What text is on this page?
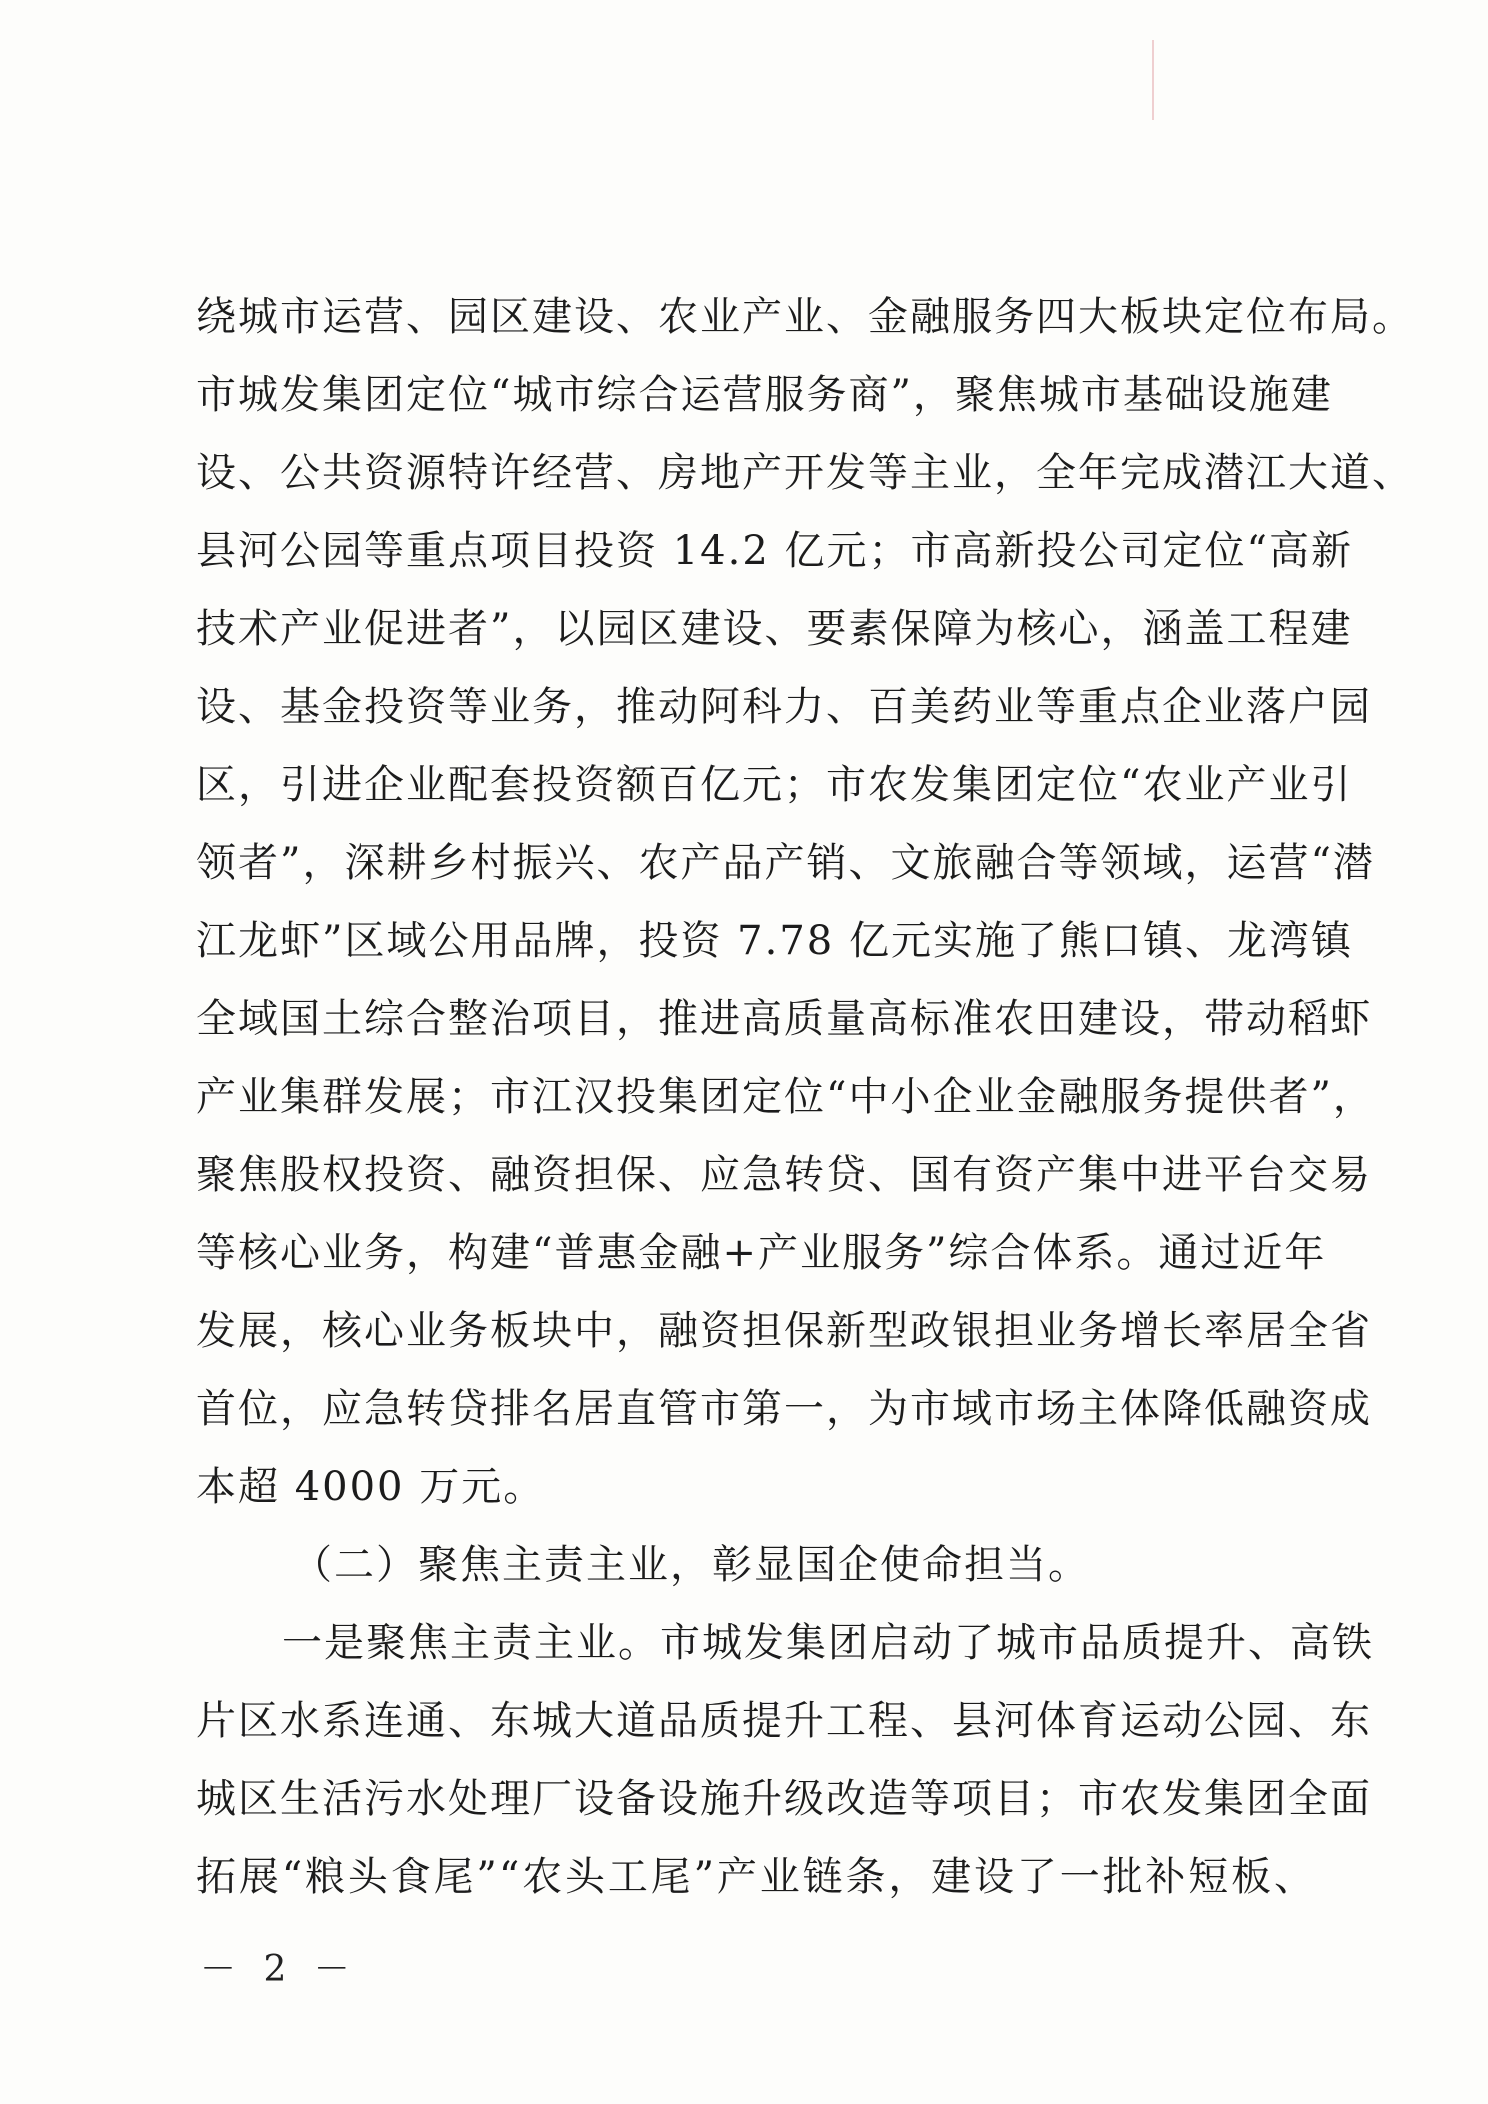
绕城市运营、园区建设、农业产业、金融服务四大板块定位布局。
市城发集团定位“城市综合运营服务商”，聚焦城市基础设施建
设、公共资源特许经营、房地产开发等主业，全年完成潜江大道、
县河公园等重点项目投资 14.2 亿元；市高新投公司定位“高新
技术产业促进者”，以园区建设、要素保障为核心，涵盖工程建
设、基金投资等业务，推动阿科力、百美药业等重点企业落户园
区，引进企业配套投资额百亿元；市农发集团定位“农业产业引
领者”，深耕乡村振兴、农产品产销、文旅融合等领域，运营“潜
江龙虾”区域公用品牌，投资 7.78 亿元实施了熊口镇、龙湾镇
全域国土综合整治项目，推进高质量高标准农田建设，带动稻虾
产业集群发展；市江汉投集团定位“中小企业金融服务提供者”，
聚焦股权投资、融资担保、应急转贷、国有资产集中进平台交易
等核心业务，构建“普惠金融+产业服务”综合体系。通过近年
发展，核心业务板块中，融资担保新型政银担业务增长率居全省
首位，应急转贷排名居直管市第一，为市域市场主体降低融资成
本超 4000 万元。
（二）聚焦主责主业，彰显国企使命担当。
一是聚焦主责主业。市城发集团启动了城市品质提升、高铁
片区水系连通、东城大道品质提升工程、县河体育运动公园、东
城区生活污水处理厂设备设施升级改造等项目；市农发集团全面
拓展“粮头食尾”“农头工尾”产业链条，建设了一批补短板、
－ 2 －
